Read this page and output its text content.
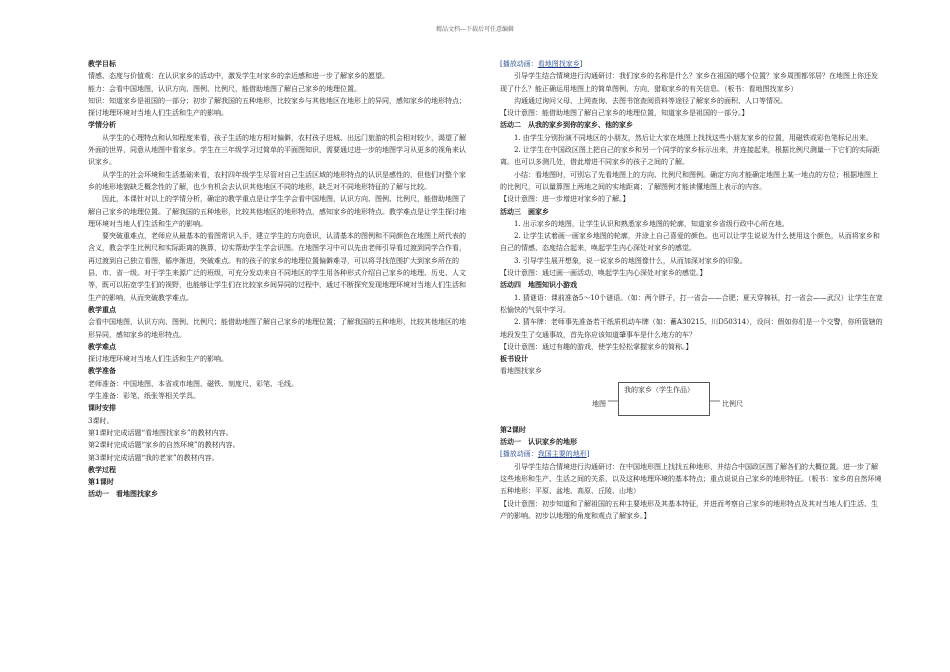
精品文档---下载后可任意编辑

教学目标

情感、态度与价值观：在认识家乡的活动中，激发学生对家乡的亲近感和进一步了解家乡的愿望。

能力：会看中国地图，认识方向、图例、比例尺，能借助地图了解自己家乡的地理位置。

知识：知道家乡是祖国的一部分；初步了解我国的五种地形，比较家乡与其他地区在地形上的异同，感知家乡的地形特点；探讨地理环境对当地人们生活和生产的影响。

学情分析

从学生的心理特点和认知程度来看，孩子生活的地方相对偏僻，农村孩子进城、出远门旅游的机会相对较少，渴望了解外面的世界，同意从地图中看家乡。学生在三年级学习过简单的平面图知识，需要通过进一步的地图学习从更多的视角来认识家乡。

从学生的社会环境和生活基础来看，农村四年级学生尽管对自己生活区域的地形特点的认识是感性的，但他们对整个家乡的地形地貌缺乏概念性的了解，也少有机会去认识其他地区不同的地形，缺乏对不同地形特征的了解与比较。

因此，本课针对以上的学情分析，确定的教学重点是让学生学会看中国地图，认识方向、图例、比例尺，能借助地图了解自己家乡的地理位置。了解我国的五种地形，比较其他地区的地形特点，感知家乡的地形特点。教学难点是让学生探讨地理环境对当地人们生活和生产的影响。

要突破重难点，老师应从最基本的看图常识入手，建立学生的方向意识，认清基本的图例和不同颜色在地图上所代表的含义，教会学生比例尺和实际距离的换算，切实帮助学生学会识图。在地图学习中可以先由老师引导看过渡到同学合作看，再过渡到自己独立看图，循序渐进，突破难点。有的孩子的家乡的地理位置偏僻难寻，可以将寻找范围扩大到家乡所在的县、市、省一级。对于学生来源广泛的班级，可充分发动来自不同地区的学生用各种形式介绍自己家乡的地理、历史、人文等，既可以拓宽学生们的视野，也能够让学生们在比较家乡间异同的过程中，通过不断探究发现地理环境对当地人们生活和生产的影响，从而突破教学难点。

教学重点

会看中国地图，认识方向、图例、比例尺；能借助地图了解自己家乡的地理位置；了解我国的五种地形，比较其他地区的地形异同，感知家乡的地形特点。

教学难点

探讨地理环境对当地人们生活和生产的影响。

教学准备

老师准备：中国地图、本省或市地图、磁铁、刻度尺、彩笔、毛线。

学生准备：彩笔、纸张等相关学具。

课时安排

3课时。

第1课时完成话题“看地图找家乡”的教材内容。

第2课时完成话题“家乡的自然环境”的教材内容。

第3课时完成话题“我的老家”的教材内容。

教学过程

第1课时

活动一　看地图找家乡

[播放动画：看地图找家乡]

引导学生结合情境进行沟通研讨：我们家乡的名称是什么？家乡在祖国的哪个位置？家乡周围都邻居？在地图上你还发现了什么？能正确运用地图上的简单图例、方向，猎取家乡的有关信息。（板书：看地图找家乡）

沟通通过询问父母、上网查询、去图书馆查阅资料等途径了解家乡的面积、人口等情况。

【设计意图：能借助地图了解自己家乡的地理位置，知道家乡是祖国的一部分。】

活动二　从我的家乡到你的家乡、他的家乡

1. 由学生分别扮演不同地区的小朋友，然后让大家在地图上找找这些小朋友家乡的位置，用磁铁或彩色笔标记出来。

2. 让学生在中国政区图上把自己的家乡和另一个同学的家乡标示出来，并连接起来，根据比例尺测量一下它们的实际距离。也可以多测几处，借此增进不同家乡的孩子之间的了解。

小结：看地图时，可别忘了先看地图上的方向、比例尺和图例。确定方向才能确定地图上某一地点的方位；根据地图上的比例尺，可以量算图上两地之间的实地距离；了解图例才能读懂地图上表示的内容。

【设计意图：进一步增进对家乡的了解。】

活动三　画家乡

1. 出示家乡的地图，让学生认识和熟悉家乡地图的轮廓，知道家乡省级行政中心所在地。

2. 让学生试着画一画家乡地图的轮廓，并涂上自己喜爱的颜色。也可以让学生说说为什么使用这个颜色，从而将家乡和自己的情感、态度结合起来，唤起学生内心深处对家乡的感觉。

3. 引导学生展开想象，说一说家乡的地图像什么，从而加深对家乡的印象。

【设计意图：通过画一画活动，唤起学生内心深处对家乡的感觉。】

活动四　地图知识小游戏

1. 猜谜语：课前准备5～10个谜语。（如：两个胖子，打一省会——合肥；夏天穿棉袄，打一省会——武汉）让学生在宽松愉快的气氛中学习。

2. 猜车牌：老师事先准备若干纸质机动车牌（如：蓄A30215、川D50314），设问：假如你们是一个交警，你所管辖的地段发生了交通事故，首先你应该知道肇事车是什么地方的车？

【设计意图：通过有趣的游戏，使学生轻松掌握家乡的简称。】

板书设计

看地图找家乡

地图
我的家乡（学生作品）
比例尺

第2课时

活动一　认识家乡的地形

[播放动画：我国主要的地形]

引导学生结合情境进行沟通研讨：在中国地形图上找找五种地形，并结合中国政区图了解各们的大概位置。进一步了解这些地形和生产、生活之间的关系，以及这种地理环境的基本特点；重点说说自己家乡的地形特征。（板书：家乡的自然环境　五种地形：平原、盆地、高原、丘陵、山地）

【设计意图：初步知道和了解祖国的五种主要地形及其基本特征，并进而考察自己家乡的地形特点及其对当地人们生活、生产的影响。初步以地理的角度和观点了解家乡。】
